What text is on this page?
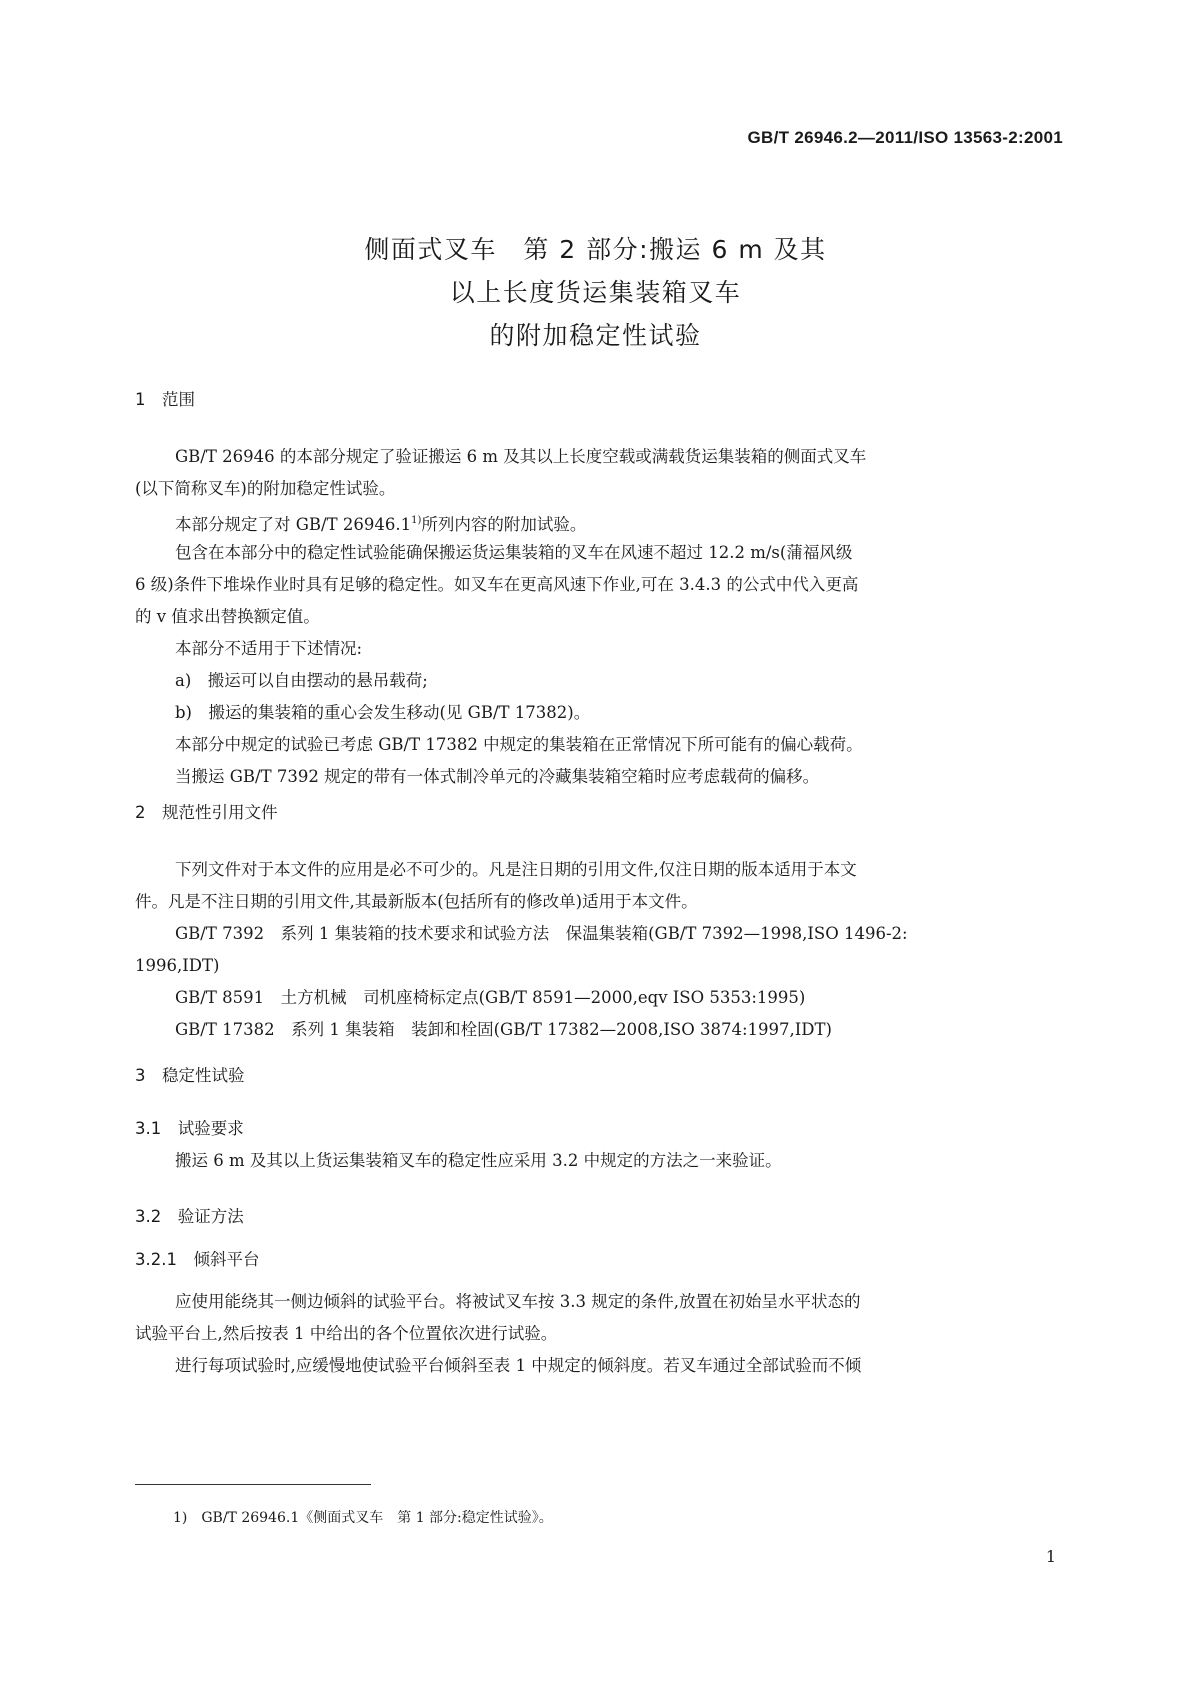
GB/T 26946.2—2011/ISO 13563-2:2001
侧面式叉车　第 2 部分:搬运 6 m 及其
以上长度货运集装箱叉车
的附加稳定性试验
1　范围
GB/T 26946 的本部分规定了验证搬运 6 m 及其以上长度空载或满载货运集装箱的侧面式叉车
(以下简称叉车)的附加稳定性试验。
本部分规定了对 GB/T 26946.1$^{1)}$所列内容的附加试验。
包含在本部分中的稳定性试验能确保搬运货运集装箱的叉车在风速不超过 12.2 m/s(蒲福风级
6 级)条件下堆垛作业时具有足够的稳定性。如叉车在更高风速下作业,可在 3.4.3 的公式中代入更高
的 v 值求出替换额定值。
本部分不适用于下述情况:
a)　搬运可以自由摆动的悬吊载荷;
b)　搬运的集装箱的重心会发生移动(见 GB/T 17382)。
本部分中规定的试验已考虑 GB/T 17382 中规定的集装箱在正常情况下所可能有的偏心载荷。
当搬运 GB/T 7392 规定的带有一体式制冷单元的冷藏集装箱空箱时应考虑载荷的偏移。
2　规范性引用文件
下列文件对于本文件的应用是必不可少的。凡是注日期的引用文件,仅注日期的版本适用于本文
件。凡是不注日期的引用文件,其最新版本(包括所有的修改单)适用于本文件。
GB/T 7392　系列 1 集装箱的技术要求和试验方法　保温集装箱(GB/T 7392—1998,ISO 1496-2:
1996,IDT)
GB/T 8591　土方机械　司机座椅标定点(GB/T 8591—2000,eqv ISO 5353:1995)
GB/T 17382　系列 1 集装箱　装卸和栓固(GB/T 17382—2008,ISO 3874:1997,IDT)
3　稳定性试验
3.1　试验要求
搬运 6 m 及其以上货运集装箱叉车的稳定性应采用 3.2 中规定的方法之一来验证。
3.2　验证方法
3.2.1　倾斜平台
应使用能绕其一侧边倾斜的试验平台。将被试叉车按 3.3 规定的条件,放置在初始呈水平状态的
试验平台上,然后按表 1 中给出的各个位置依次进行试验。
进行每项试验时,应缓慢地使试验平台倾斜至表 1 中规定的倾斜度。若叉车通过全部试验而不倾
1)　GB/T 26946.1《侧面式叉车　第 1 部分:稳定性试验》。
1
